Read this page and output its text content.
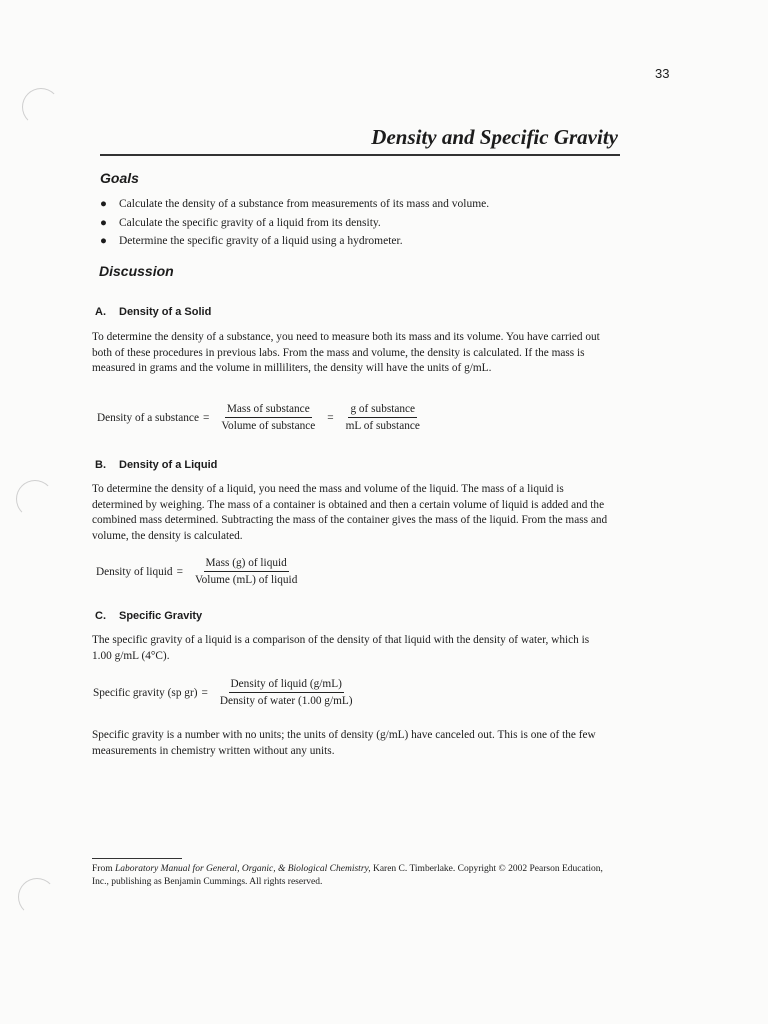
33
Density and Specific Gravity
Goals
● Calculate the density of a substance from measurements of its mass and volume.
● Calculate the specific gravity of a liquid from its density.
● Determine the specific gravity of a liquid using a hydrometer.
Discussion
A. Density of a Solid

To determine the density of a substance, you need to measure both its mass and its volume. You have carried out both of these procedures in previous labs. From the mass and volume, the density is calculated. If the mass is measured in grams and the volume in milliliters, the density will have the units of g/mL.

Density of a substance = $\frac{\text{Mass of substance}}{\text{Volume of substance}} = \frac{\text{g of substance}}{\text{mL of substance}}$
B. Density of a Liquid

To determine the density of a liquid, you need the mass and volume of the liquid. The mass of a liquid is determined by weighing. The mass of a container is obtained and then a certain volume of liquid is added and the combined mass determined. Subtracting the mass of the container gives the mass of the liquid. From the mass and volume, the density is calculated.

Density of liquid = $\frac{\text{Mass (g) of liquid}}{\text{Volume (mL) of liquid}}$
C. Specific Gravity

The specific gravity of a liquid is a comparison of the density of that liquid with the density of water, which is 1.00 g/mL (4°C).

Specific gravity (sp $gr) = \frac{\text{Density of liquid (g/mL)}}{\text{Density of water (1.00 g/mL)}}$

Specific gravity is a number with no units; the units of density (g/mL) have canceled out. This is one of the few measurements in chemistry written without any units.

From Laboratory Manual for General, Organic, & Biological Chemistry, Karen C. Timberlake. Copyright © 2002 Pearson Education, Inc., publishing as Benjamin Cummings. All rights reserved.
